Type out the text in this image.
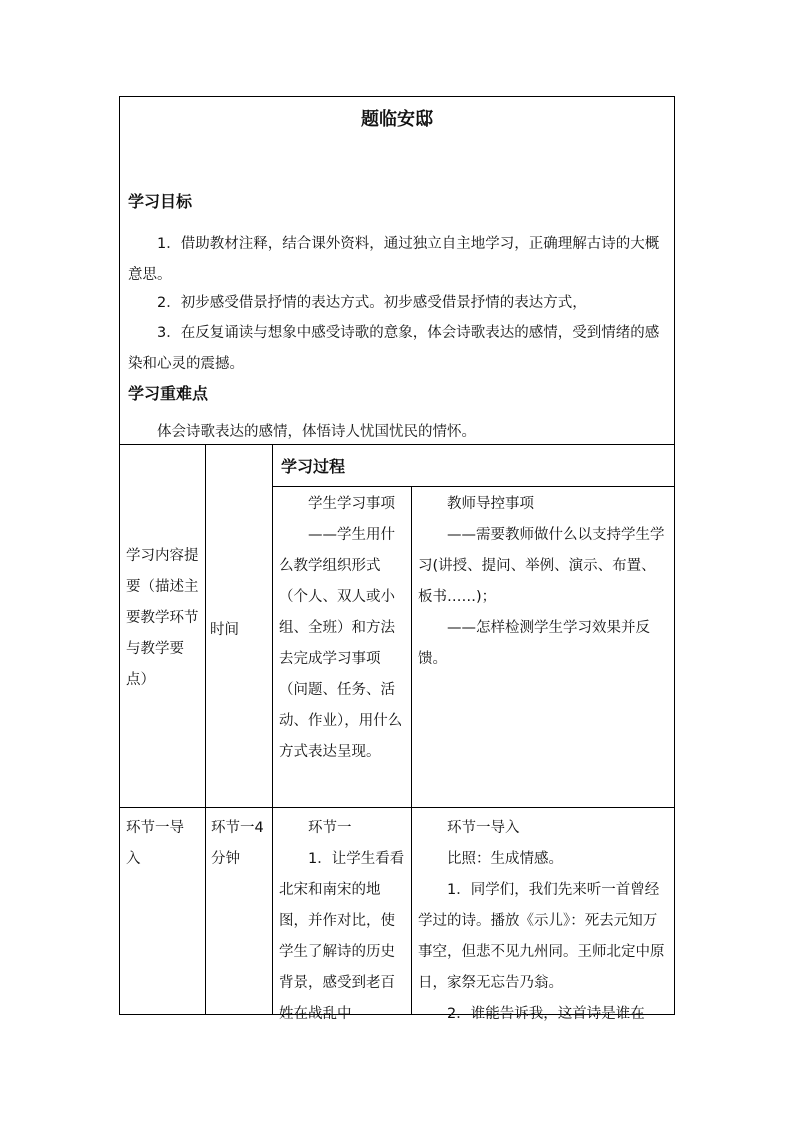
题临安邸
学习目标
1．借助教材注释，结合课外资料，通过独立自主地学习，正确理解古诗的大概意思。
2．初步感受借景抒情的表达方式。初步感受借景抒情的表达方式，
3．在反复诵读与想象中感受诗歌的意象，体会诗歌表达的感情，受到情绪的感染和心灵的震撼。
学习重难点
体会诗歌表达的感情，体悟诗人忧国忧民的情怀。
学习过程
学习内容提要（描述主要教学环节与教学要点）
时间
学生学习事项
——学生用什么教学组织形式（个人、双人或小组、全班）和方法去完成学习事项（问题、任务、活动、作业），用什么方式表达呈现。
教师导控事项
——需要教师做什么以支持学生学习(讲授、提问、举例、演示、布置、板书……)；
——怎样检测学生学习效果并反馈。
环节一导入
环节一4分钟
环节一
1．让学生看看北宋和南宋的地图，并作对比，使学生了解诗的历史背景，感受到老百姓在战乱中
环节一导入
比照：生成情感。
1．同学们，我们先来听一首曾经学过的诗。播放《示儿》：死去元知万事空，但悲不见九州同。王师北定中原日，家祭无忘告乃翁。
2．谁能告诉我，这首诗是谁在
